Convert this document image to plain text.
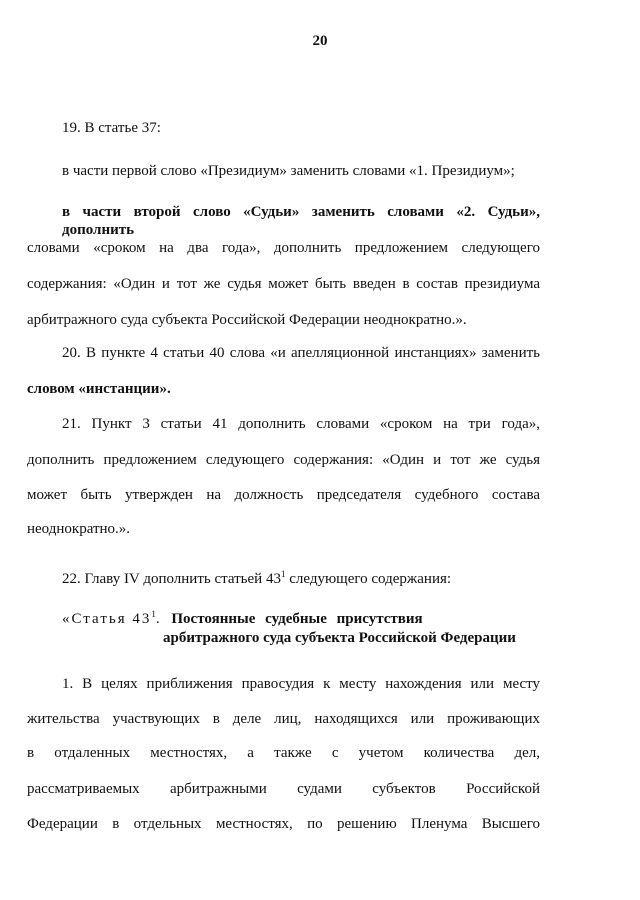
20
19. В статье 37:
в части первой слово «Президиум» заменить словами «1. Президиум»;
в части второй слово «Судьи» заменить словами «2. Судьи», дополнить
словами «сроком на два года», дополнить предложением следующего
содержания: «Один и тот же судья может быть введен в состав президиума
арбитражного суда субъекта Российской Федерации неоднократно.».
20. В пункте 4 статьи 40 слова «и апелляционной инстанциях» заменить
словом «инстанции».
21. Пункт 3 статьи 41 дополнить словами «сроком на три года»,
дополнить предложением следующего содержания: «Один и тот же судья
может быть утвержден на должность председателя судебного состава
неоднократно.».
22. Главу IV дополнить статьей $43^1$ следующего содержания:
«Статья $43^1$. Постоянные судебные присутствия
арбитражного суда субъекта Российской Федерации
1. В целях приближения правосудия к месту нахождения или месту
жительства участвующих в деле лиц, находящихся или проживающих
в отдаленных местностях, а также с учетом количества дел,
рассматриваемых арбитражными судами субъектов Российской
Федерации в отдельных местностях, по решению Пленума Высшего
